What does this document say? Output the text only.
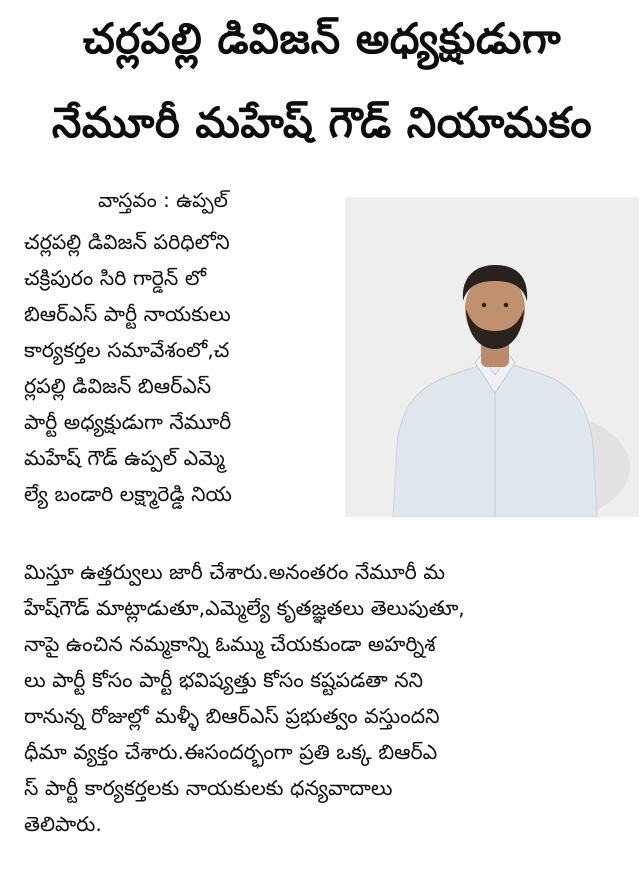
చర్లపల్లి డివిజన్ అధ్యక్షుడుగా
నేమూరీ మహేష్ గౌడ్ నియామకం
వాస్తవం : ఉప్పల్
చర్లపల్లి డివిజన్ పరిధిలోని
చక్రిపురం సిరి గార్డెన్ లో
బిఆర్ఎస్ పార్టీ నాయకులు
కార్యకర్తల సమావేశంలో,చ
ర్లపల్లి డివిజన్ బిఆర్ఎస్
పార్టీ అధ్యక్షుడుగా నేమూరీ
మహేష్ గౌడ్ ఉప్పల్ ఎమ్మె
ల్యే బండారి లక్ష్మారెడ్డి నియ
మిస్తూ ఉత్తర్వులు జారీ చేశారు.అనంతరం నేమూరీ మ
హేష్‌గౌడ్ మాట్లాడుతూ,ఎమ్మెల్యే కృతజ్ఞతలు తెలుపుతూ,
నాపై ఉంచిన నమ్మకాన్ని ఓమ్ము చేయకుండా అహర్నిశ
లు పార్టీ కోసం పార్టీ భవిష్యత్తు కోసం కష్టపడతా నని
రానున్న రోజుల్లో మళ్ళీ బిఆర్ఎస్ ప్రభుత్వం వస్తుందని
ధీమా వ్యక్తం చేశారు.ఈసందర్భంగా ప్రతి ఒక్క బిఆర్ఎ
స్ పార్టీ కార్యకర్తలకు నాయకులకు ధన్యవాదాలు
తెలిపారు.
